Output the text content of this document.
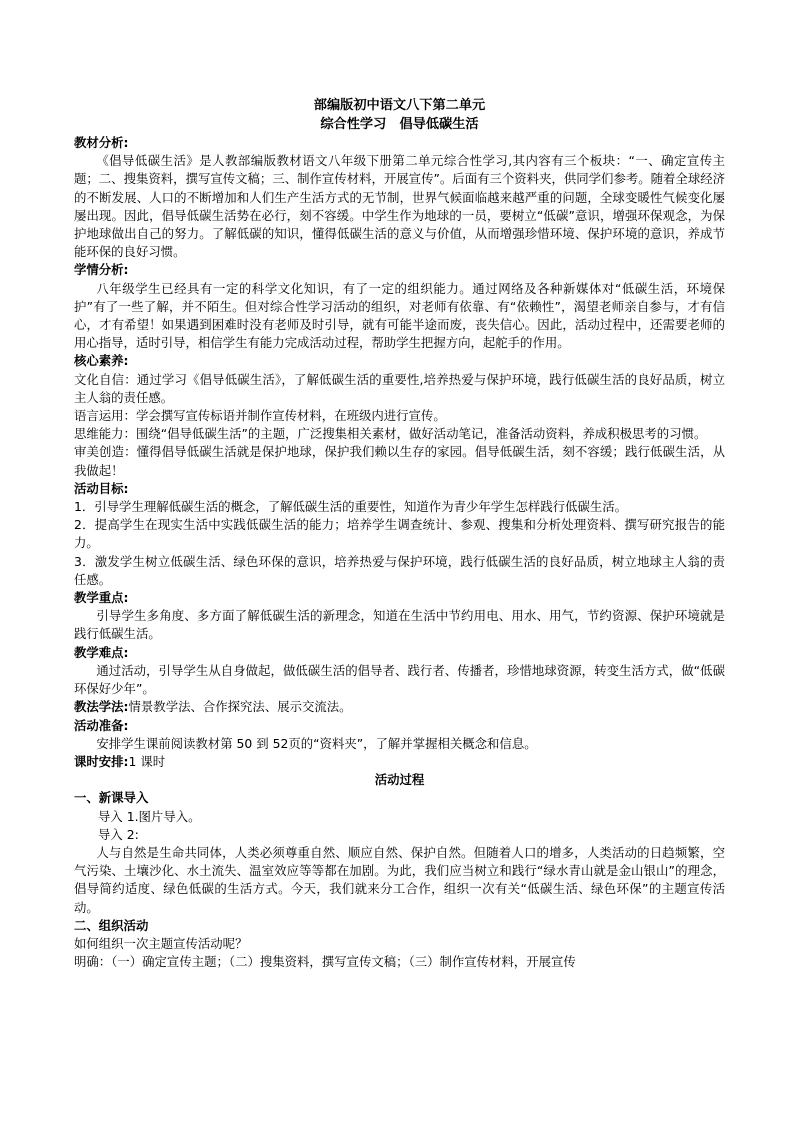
部编版初中语文八下第二单元
综合性学习　倡导低碳生活
教材分析:

《倡导低碳生活》是人教部编版教材语文八年级下册第二单元综合性学习,其内容有三个板块：“一、确定宣传主题；二、搜集资料，撰写宣传文稿；三、制作宣传材料，开展宣传”。后面有三个资料夹，供同学们参考。随着全球经济的不断发展、人口的不断增加和人们生产生活方式的无节制，世界气候面临越来越严重的问题，全球变暖性气候变化屡屡出现。因此，倡导低碳生活势在必行，刻不容缓。中学生作为地球的一员，要树立“低碳”意识，增强环保观念，为保护地球做出自己的努力。了解低碳的知识，懂得低碳生活的意义与价值，从而增强珍惜环境、保护环境的意识，养成节能环保的良好习惯。

学情分析:

八年级学生已经具有一定的科学文化知识，有了一定的组织能力。通过网络及各种新媒体对“低碳生活，环境保护”有了一些了解，并不陌生。但对综合性学习活动的组织，对老师有依靠、有“依赖性”，渴望老师亲自参与，才有信心，才有希望！如果遇到困难时没有老师及时引导，就有可能半途而废，丧失信心。因此，活动过程中，还需要老师的用心指导，适时引导，相信学生有能力完成活动过程，帮助学生把握方向，起舵手的作用。

核心素养:

文化自信：通过学习《倡导低碳生活》，了解低碳生活的重要性,培养热爱与保护环境，践行低碳生活的良好品质，树立主人翁的责任感。

语言运用：学会撰写宣传标语并制作宣传材料，在班级内进行宣传。

思维能力：围绕“倡导低碳生活”的主题，广泛搜集相关素材，做好活动笔记，准备活动资料，养成积极思考的习惯。

审美创造：懂得倡导低碳生活就是保护地球，保护我们赖以生存的家园。倡导低碳生活，刻不容缓；践行低碳生活，从我做起！

活动目标:

1．引导学生理解低碳生活的概念，了解低碳生活的重要性，知道作为青少年学生怎样践行低碳生活。

2．提高学生在现实生活中实践低碳生活的能力；培养学生调查统计、参观、搜集和分析处理资料、撰写研究报告的能力。

3．激发学生树立低碳生活、绿色环保的意识，培养热爱与保护环境，践行低碳生活的良好品质，树立地球主人翁的责任感。

教学重点:

引导学生多角度、多方面了解低碳生活的新理念，知道在生活中节约用电、用水、用气，节约资源、保护环境就是践行低碳生活。

教学难点:

通过活动，引导学生从自身做起，做低碳生活的倡导者、践行者、传播者，珍惜地球资源，转变生活方式，做“低碳环保好少年”。

教法学法:情景教学法、合作探究法、展示交流法。

活动准备:

安排学生课前阅读教材第 50 到 52页的“资料夹”，了解并掌握相关概念和信息。

课时安排:1 课时

活动过程
一、新课导入

导入 1.图片导入。

导入 2:

人与自然是生命共同体，人类必须尊重自然、顺应自然、保护自然。但随着人口的增多，人类活动的日趋频繁，空气污染、土壤沙化、水土流失、温室效应等等都在加剧。为此，我们应当树立和践行“绿水青山就是金山银山”的理念，倡导简约适度、绿色低碳的生活方式。今天，我们就来分工合作，组织一次有关“低碳生活、绿色环保”的主题宣传活动。

二、组织活动

如何组织一次主题宣传活动呢？

明确：（一）确定宣传主题；（二）搜集资料，撰写宣传文稿；（三）制作宣传材料，开展宣传
